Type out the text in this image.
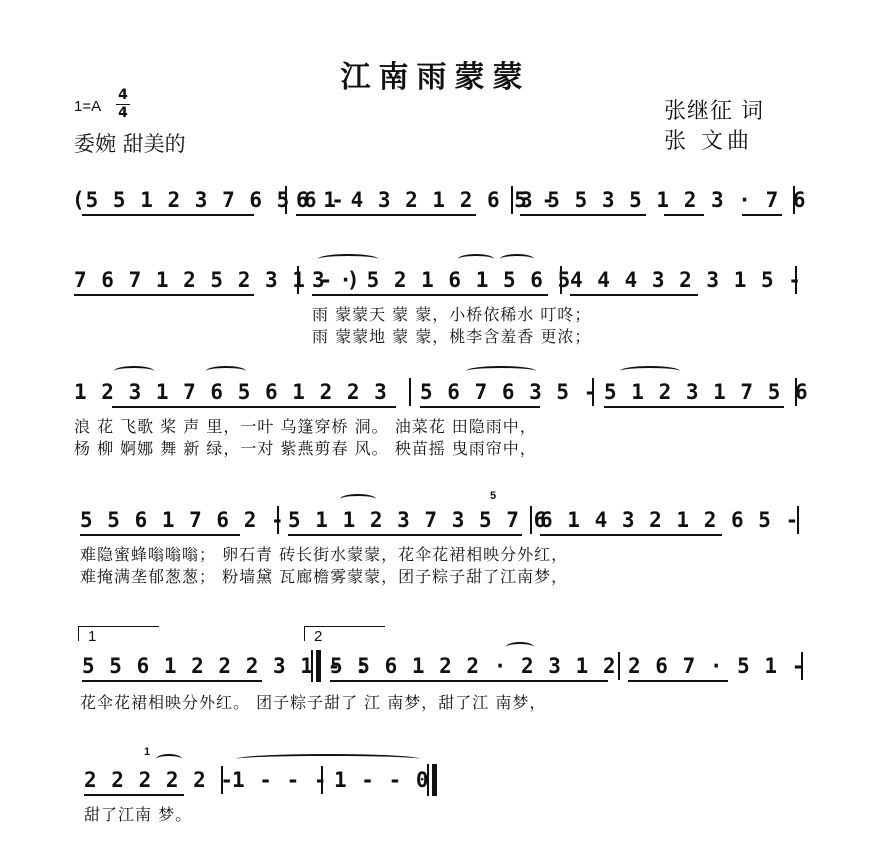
江南雨蒙蒙
1=A
4
4
委婉 甜美的
张继征 词
张 文曲
(5 5 1 2 3 7 6 5 6 -
6 1 4 3 2 1 2 6 5 -
3 5 5 3 5 1 2 3 · 7 6
7 6 7 1 2 5 2 3 1 - )
3 · 5 2 1 6 1 5 6 5
4 4 4 3 2 3 1 5 -
雨 蒙蒙天 蒙 蒙，小桥依稀水 叮咚；
雨 蒙蒙地 蒙 蒙，桃李含羞香 更浓；
1 2 3 1 7 6 5 6 1 2 2 3 5 6 7 6 3 5 - 5 1 2 3 1 7 5 6
浪 花 飞歌 桨 声 里，一叶 乌篷穿桥 洞。 油菜花 田隐雨中，
杨 柳 婀娜 舞 新 绿，一对 紫燕剪春 风。 秧苗摇 曳雨帘中，
5 5 6 1 7 6 2 - 5 1 1 2 3 7 3 5 7 6
6 1 4 3 2 1 2 6 5 -
5
难隐蜜蜂嗡嗡嗡； 卵石青 砖长街水蒙蒙，花伞花裙相映分外红，
难掩满垄郁葱葱； 粉墙黛 瓦廊檐雾蒙蒙，团子粽子甜了江南梦，
1	2
5 5 6 1 2 2 2 3 1 - :
5 5 6 1 2 2 · 2 3 1 2 2 6 7 · 5 1 -
花伞花裙相映分外红。 团子粽子甜了 江 南梦，甜了江 南梦，
2 2 2 2 2 -
1 - - - 1 - - 0
1
甜了江南 梦。
